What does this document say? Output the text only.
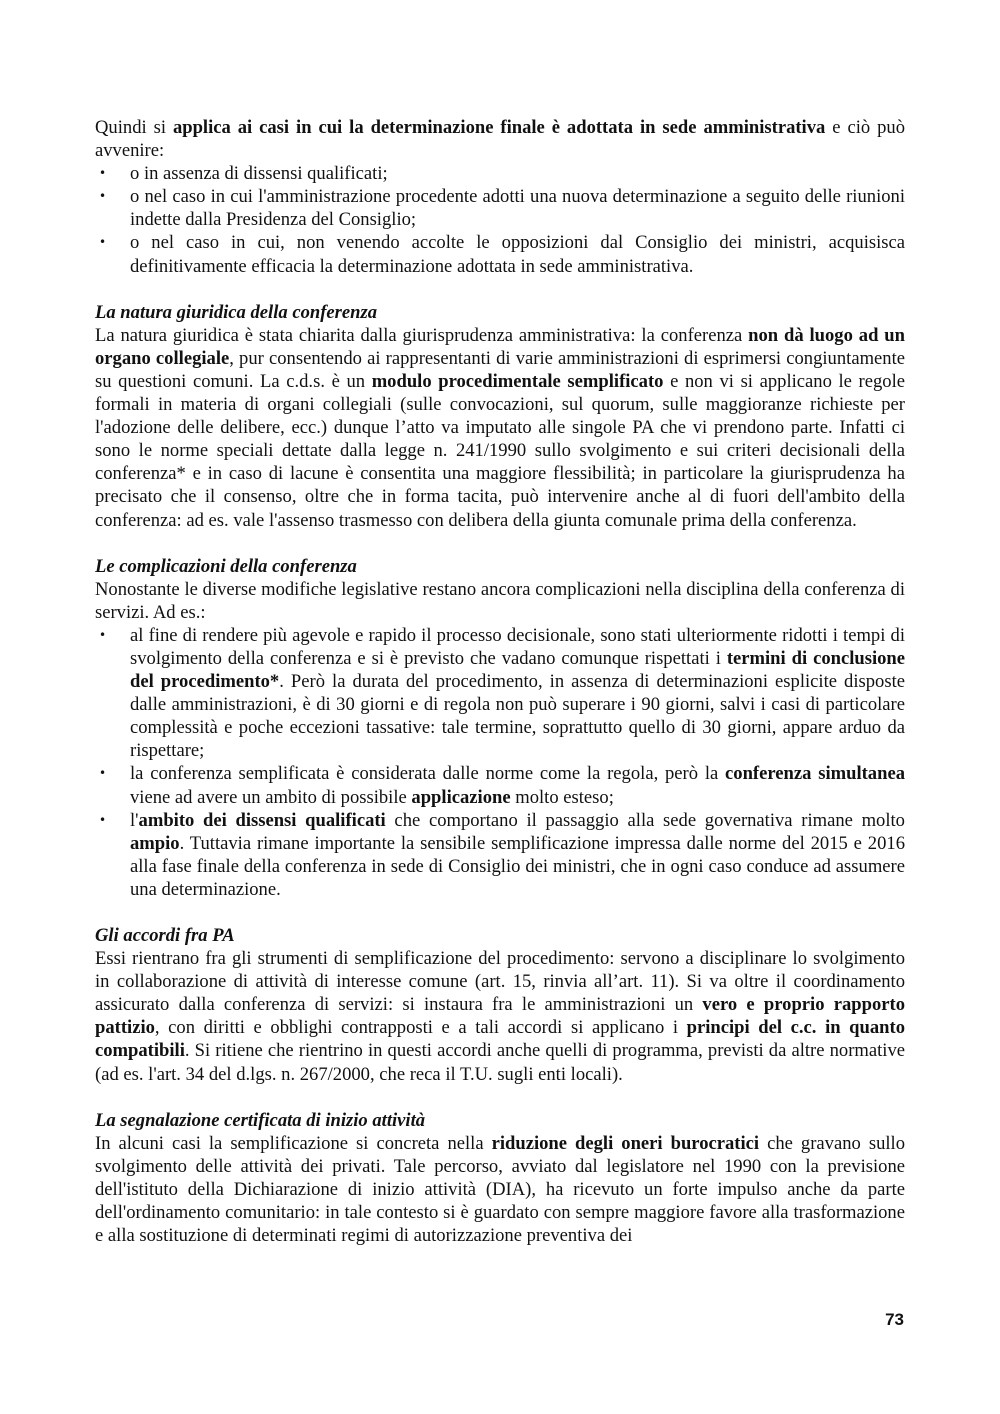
Quindi si applica ai casi in cui la determinazione finale è adottata in sede amministrativa e ciò può avvenire:

• o in assenza di dissensi qualificati;
• o nel caso in cui l'amministrazione procedente adotti una nuova determinazione a seguito delle riunioni indette dalla Presidenza del Consiglio;
• o nel caso in cui, non venendo accolte le opposizioni dal Consiglio dei ministri, acquisisca definitivamente efficacia la determinazione adottata in sede amministrativa.

La natura giuridica della conferenza

La natura giuridica è stata chiarita dalla giurisprudenza amministrativa: la conferenza non dà luogo ad un organo collegiale, pur consentendo ai rappresentanti di varie amministrazioni di esprimersi congiuntamente su questioni comuni. La c.d.s. è un modulo procedimentale semplificato e non vi si applicano le regole formali in materia di organi collegiali (sulle convocazioni, sul quorum, sulle maggioranze richieste per l'adozione delle delibere, ecc.) dunque l’atto va imputato alle singole PA che vi prendono parte. Infatti ci sono le norme speciali dettate dalla legge n. 241/1990 sullo svolgimento e sui criteri decisionali della conferenza* e in caso di lacune è consentita una maggiore flessibilità; in particolare la giurisprudenza ha precisato che il consenso, oltre che in forma tacita, può intervenire anche al di fuori dell'ambito della conferenza: ad es. vale l'assenso trasmesso con delibera della giunta comunale prima della conferenza.

Le complicazioni della conferenza

Nonostante le diverse modifiche legislative restano ancora complicazioni nella disciplina della conferenza di servizi. Ad es.:

• al fine di rendere più agevole e rapido il processo decisionale, sono stati ulteriormente ridotti i tempi di svolgimento della conferenza e si è previsto che vadano comunque rispettati i termini di conclusione del procedimento*. Però la durata del procedimento, in assenza di determinazioni esplicite disposte dalle amministrazioni, è di 30 giorni e di regola non può superare i 90 giorni, salvi i casi di particolare complessità e poche eccezioni tassative: tale termine, soprattutto quello di 30 giorni, appare arduo da rispettare;
• la conferenza semplificata è considerata dalle norme come la regola, però la conferenza simultanea viene ad avere un ambito di possibile applicazione molto esteso;
• l'ambito dei dissensi qualificati che comportano il passaggio alla sede governativa rimane molto ampio. Tuttavia rimane importante la sensibile semplificazione impressa dalle norme del 2015 e 2016 alla fase finale della conferenza in sede di Consiglio dei ministri, che in ogni caso conduce ad assumere una determinazione.

Gli accordi fra PA

Essi rientrano fra gli strumenti di semplificazione del procedimento: servono a disciplinare lo svolgimento in collaborazione di attività di interesse comune (art. 15, rinvia all’art. 11). Si va oltre il coordinamento assicurato dalla conferenza di servizi: si instaura fra le amministrazioni un vero e proprio rapporto pattizio, con diritti e obblighi contrapposti e a tali accordi si applicano i principi del c.c. in quanto compatibili. Si ritiene che rientrino in questi accordi anche quelli di programma, previsti da altre normative (ad es. l'art. 34 del d.lgs. n. 267/2000, che reca il T.U. sugli enti locali).

La segnalazione certificata di inizio attività

In alcuni casi la semplificazione si concreta nella riduzione degli oneri burocratici che gravano sullo svolgimento delle attività dei privati. Tale percorso, avviato dal legislatore nel 1990 con la previsione dell'istituto della Dichiarazione di inizio attività (DIA), ha ricevuto un forte impulso anche da parte dell'ordinamento comunitario: in tale contesto si è guardato con sempre maggiore favore alla trasformazione e alla sostituzione di determinati regimi di autorizzazione preventiva dei

73
